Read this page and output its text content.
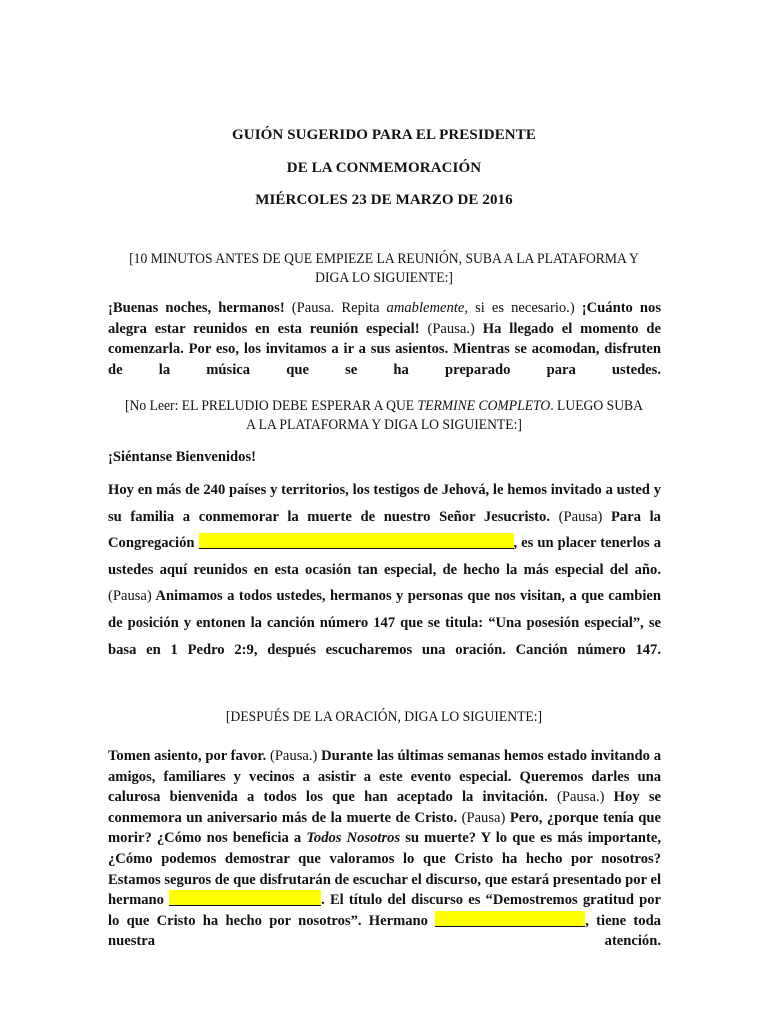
GUIÓN SUGERIDO PARA EL PRESIDENTE

DE LA CONMEMORACIÓN

MIÉRCOLES 23 DE MARZO DE 2016

[10 MINUTOS ANTES DE QUE EMPIEZE LA REUNIÓN, SUBA A LA PLATAFORMA Y DIGA LO SIGUIENTE:]

¡Buenas noches, hermanos! (Pausa. Repita amablemente, si es necesario.) ¡Cuánto nos alegra estar reunidos en esta reunión especial! (Pausa.) Ha llegado el momento de comenzarla. Por eso, los invitamos a ir a sus asientos. Mientras se acomodan, disfruten de la música que se ha preparado para ustedes.

[No Leer: EL PRELUDIO DEBE ESPERAR A QUE TERMINE COMPLETO. LUEGO SUBA A LA PLATAFORMA Y DIGA LO SIGUIENTE:]

¡Siéntanse Bienvenidos!

Hoy en más de 240 países y territorios, los testigos de Jehová, le hemos invitado a usted y su familia a conmemorar la muerte de nuestro Señor Jesucristo. (Pausa) Para la Congregación	, es un placer tenerlos a ustedes aquí reunidos en esta ocasión tan especial, de hecho la más especial del año. (Pausa) Animamos a todos ustedes, hermanos y personas que nos visitan, a que cambien de posición y entonen la canción número 147 que se titula: “Una posesión especial”, se basa en 1 Pedro 2:9, después escucharemos una oración. Canción número 147.

[DESPUÉS DE LA ORACIÓN, DIGA LO SIGUIENTE:]

Tomen asiento, por favor. (Pausa.) Durante las últimas semanas hemos estado invitando a amigos, familiares y vecinos a asistir a este evento especial. Queremos darles una calurosa bienvenida a todos los que han aceptado la invitación. (Pausa.) Hoy se conmemora un aniversario más de la muerte de Cristo. (Pausa) Pero, ¿porque tenía que morir? ¿Cómo nos beneficia a Todos Nosotros su muerte? Y lo que es más importante, ¿Cómo podemos demostrar que valoramos lo que Cristo ha hecho por nosotros? Estamos seguros de que disfrutarán de escuchar el discurso, que estará presentado por el hermano	. El título del discurso es “Demostremos gratitud por lo que Cristo ha hecho por nosotros”. Hermano	, tiene toda nuestra atención.
